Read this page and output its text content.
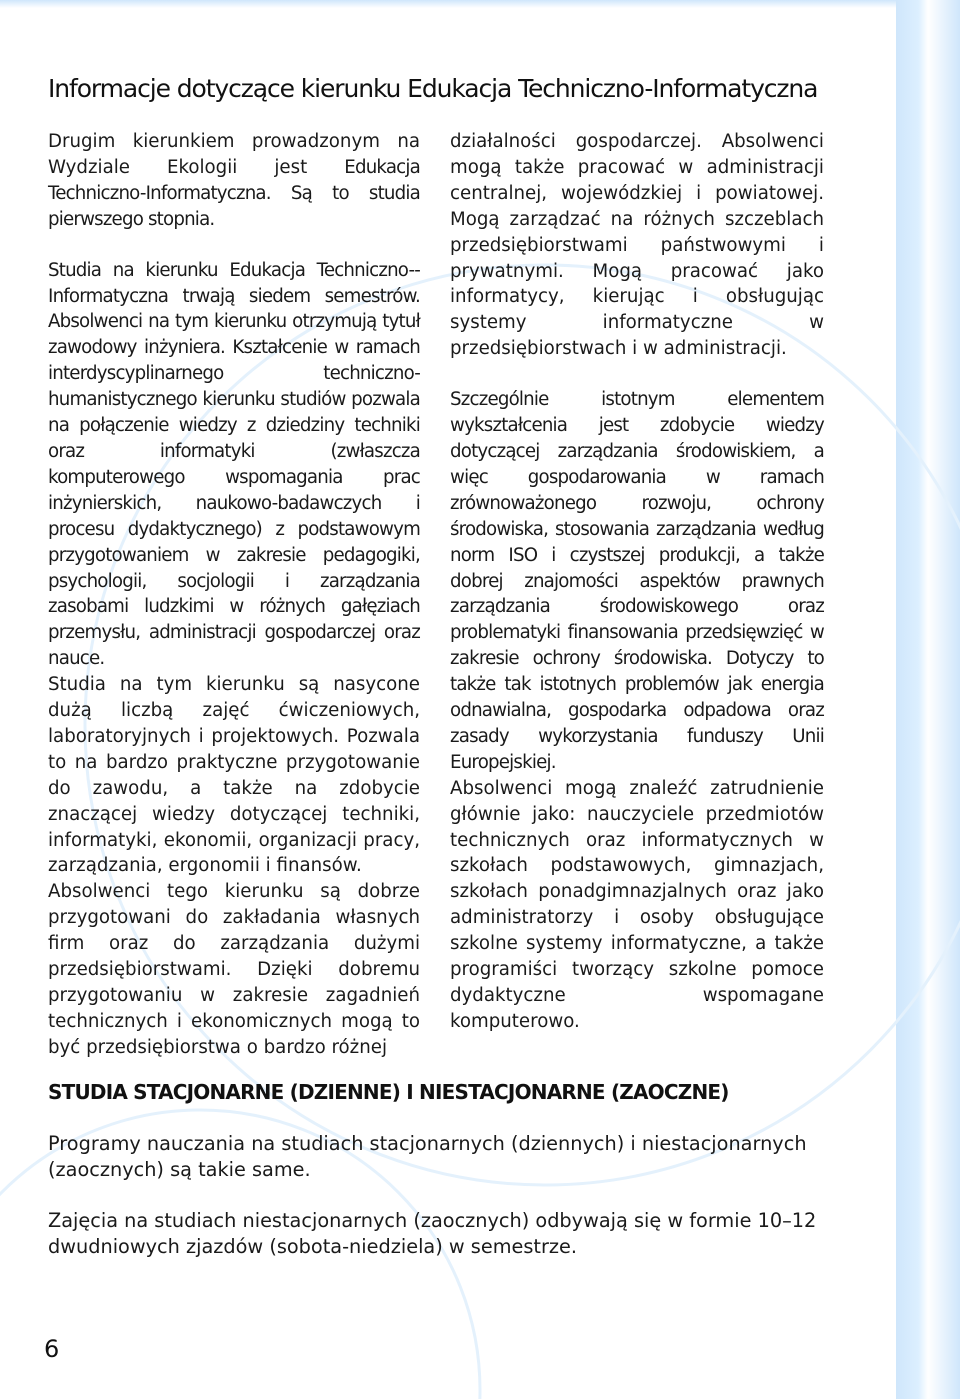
Informacje dotyczące kierunku Edukacja Techniczno-Informatyczna

Drugim kierunkiem prowadzonym na Wydziale Ekologii jest Edukacja Techniczno-Informatyczna. Są to studia pierwszego stopnia.

Studia na kierunku Edukacja Techniczno--Informatyczna trwają siedem semestrów. Absolwenci na tym kierunku otrzymują tytuł zawodowy inżyniera. Kształcenie w ramach interdyscyplinarnego techniczno-humanistycznego kierunku studiów pozwala na połączenie wiedzy z dziedziny techniki oraz informatyki (zwłaszcza komputerowego wspomagania prac inżynierskich, naukowo-badawczych i procesu dydaktycznego) z podstawowym przygotowaniem w zakresie pedagogiki, psychologii, socjologii i zarządzania zasobami ludzkimi w różnych gałęziach przemysłu, administracji gospodarczej oraz nauce.

Studia na tym kierunku są nasycone dużą liczbą zajęć ćwiczeniowych, laboratoryjnych i projektowych. Pozwala to na bardzo praktyczne przygotowanie do zawodu, a także na zdobycie znaczącej wiedzy dotyczącej techniki, informatyki, ekonomii, organizacji pracy, zarządzania, ergonomii i finansów.

Absolwenci tego kierunku są dobrze przygotowani do zakładania własnych firm oraz do zarządzania dużymi przedsiębiorstwami. Dzięki dobremu przygotowaniu w zakresie zagadnień technicznych i ekonomicznych mogą to być przedsiębiorstwa o bardzo różnej

działalności gospodarczej. Absolwenci mogą także pracować w administracji centralnej, wojewódzkiej i powiatowej. Mogą zarządzać na różnych szczeblach przedsiębiorstwami państwowymi i prywatnymi. Mogą pracować jako informatycy, kierując i obsługując systemy informatyczne w przedsiębiorstwach i w administracji.

Szczególnie istotnym elementem wykształcenia jest zdobycie wiedzy dotyczącej zarządzania środowiskiem, a więc gospodarowania w ramach zrównoważonego rozwoju, ochrony środowiska, stosowania zarządzania według norm ISO i czystszej produkcji, a także dobrej znajomości aspektów prawnych zarządzania środowiskowego oraz problematyki finansowania przedsięwzięć w zakresie ochrony środowiska. Dotyczy to także tak istotnych problemów jak energia odnawialna, gospodarka odpadowa oraz zasady wykorzystania funduszy Unii Europejskiej.

Absolwenci mogą znaleźć zatrudnienie głównie jako: nauczyciele przedmiotów technicznych oraz informatycznych w szkołach podstawowych, gimnazjach, szkołach ponadgimnazjalnych oraz jako administratorzy i osoby obsługujące szkolne systemy informatyczne, a także programiści tworzący szkolne pomoce dydaktyczne wspomagane komputerowo.

STUDIA STACJONARNE (DZIENNE) I NIESTACJONARNE (ZAOCZNE)
Programy nauczania na studiach stacjonarnych (dziennych) i niestacjonarnych (zaocznych) są takie same.
Zajęcia na studiach niestacjonarnych (zaocznych) odbywają się w formie 10–12 dwudniowych zjazdów (sobota-niedziela) w semestrze.
6
